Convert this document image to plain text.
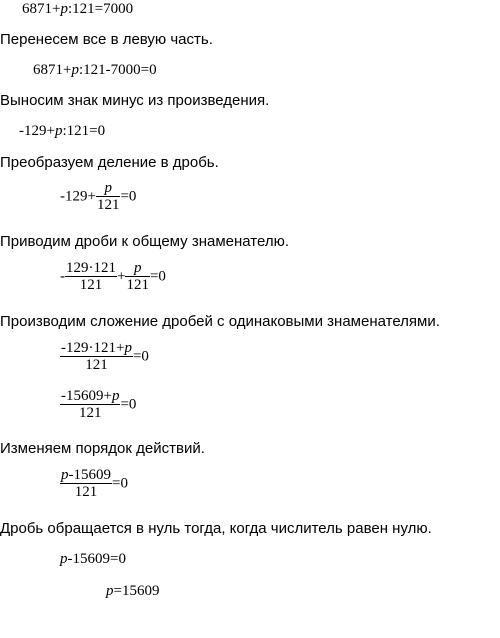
6871+p:121=7000
Перенесем все в левую часть.
6871+p:121-7000=0
Выносим знак минус из произведения.
-129+p:121=0
Преобразуем деление в дробь.
$-129+ \frac{p}{121} =0$
Приводим дроби к общему знаменателю.
- $\frac{129\cdot 121}{121} + \frac{p}{121} =0$
Производим сложение дробей с одинаковыми знаменателями.
$\frac{-129\cdot 121+p}{121} =0$
$\frac{-15609+p}{121} =0$
Изменяем порядок действий.
$\frac{p-15609}{121} =0$
Дробь обращается в нуль тогда, когда числитель равен нулю.
p-15609=0
p=15609
